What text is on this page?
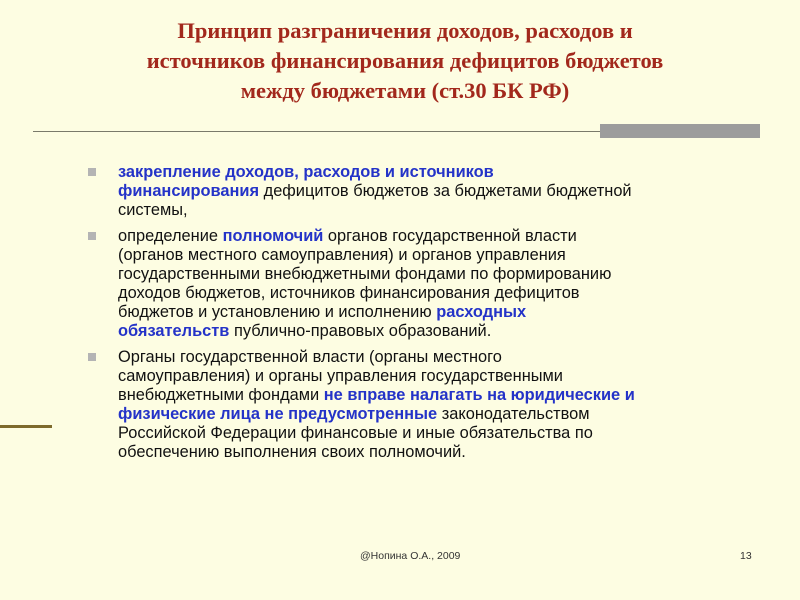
Принцип разграничения доходов, расходов и
источников финансирования дефицитов бюджетов
между бюджетами (ст.30 БК РФ)
закрепление доходов, расходов и источников
финансирования дефицитов бюджетов за бюджетами бюджетной
системы,
определение полномочий органов государственной власти
(органов местного самоуправления) и органов управления
государственными внебюджетными фондами по формированию
доходов бюджетов, источников финансирования дефицитов
бюджетов и установлению и исполнению расходных
обязательств публично-правовых образований.
Органы государственной власти (органы местного
самоуправления) и органы управления государственными
внебюджетными фондами не вправе налагать на юридические и
физические лица не предусмотренные законодательством
Российской Федерации финансовые и иные обязательства по
обеспечению выполнения своих полномочий.
@Нопина О.А., 2009	13
